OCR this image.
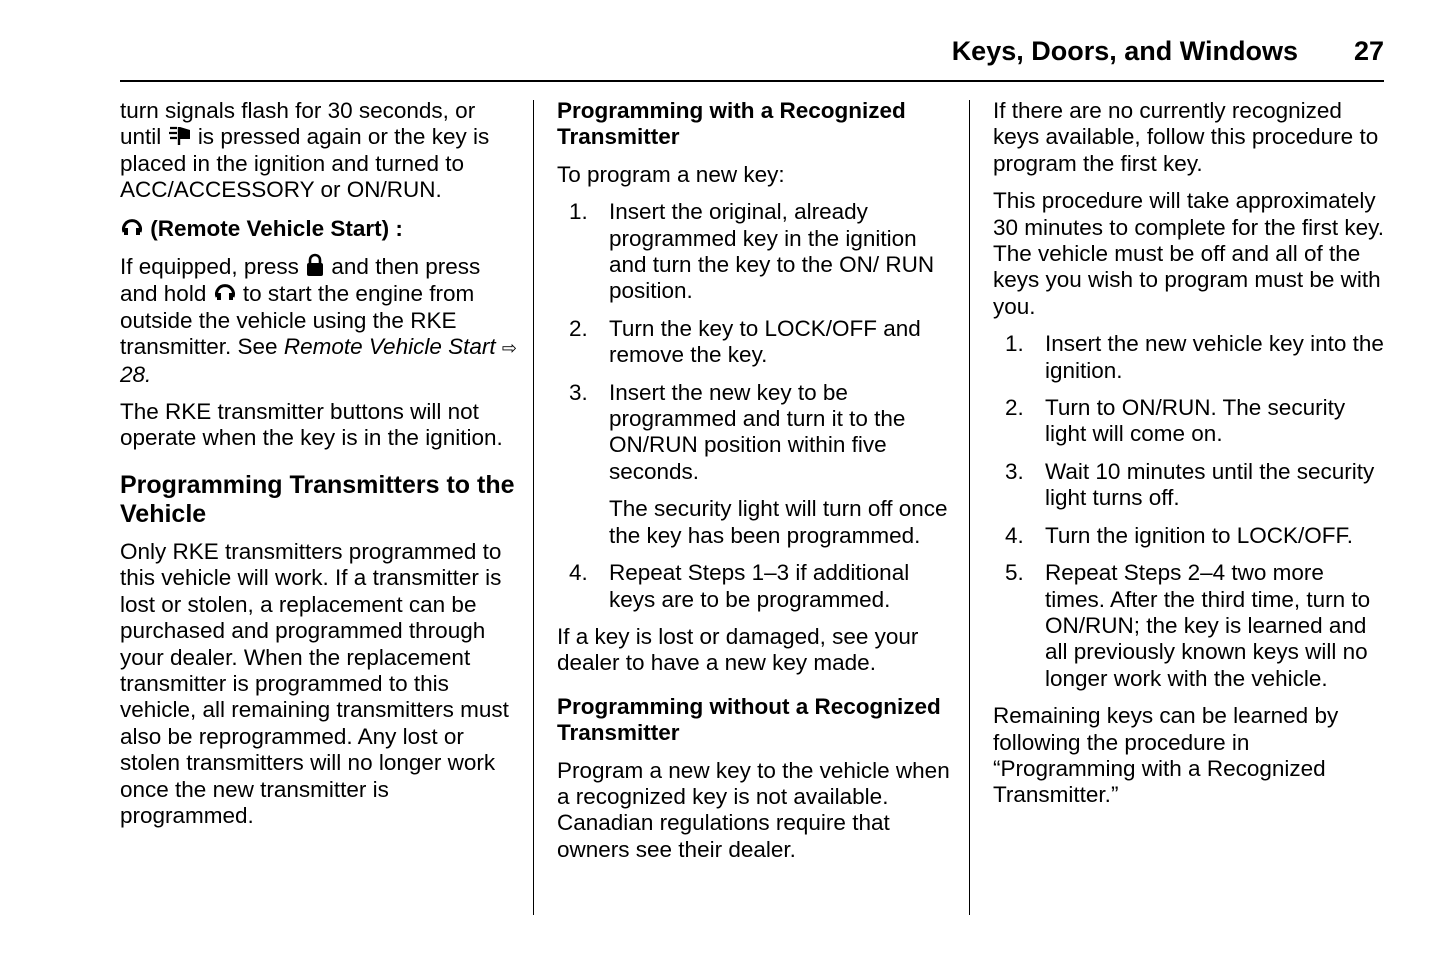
Keys, Doors, and Windows 27

turn signals flash for 30 seconds, or until is pressed again or the key is placed in the ignition and turned to ACC/ACCESSORY or ON/RUN.

(Remote Vehicle Start) :

If equipped, press and then press and hold to start the engine from outside the vehicle using the RKE transmitter. See Remote Vehicle Start ⇨ 28.

The RKE transmitter buttons will not operate when the key is in the ignition.

Programming Transmitters to the Vehicle

Only RKE transmitters programmed to this vehicle will work. If a transmitter is lost or stolen, a replacement can be purchased and programmed through your dealer. When the replacement transmitter is programmed to this vehicle, all remaining transmitters must also be reprogrammed. Any lost or stolen transmitters will no longer work once the new transmitter is programmed.

Programming with a Recognized Transmitter

To program a new key:

1. Insert the original, already programmed key in the ignition and turn the key to the ON/ RUN position.
2. Turn the key to LOCK/OFF and remove the key.
3. Insert the new key to be programmed and turn it to the ON/RUN position within five seconds.
The security light will turn off once the key has been programmed.
4. Repeat Steps 1–3 if additional keys are to be programmed.

If a key is lost or damaged, see your dealer to have a new key made.

Programming without a Recognized Transmitter

Program a new key to the vehicle when a recognized key is not available. Canadian regulations require that owners see their dealer.

If there are no currently recognized keys available, follow this procedure to program the first key.

This procedure will take approximately 30 minutes to complete for the first key. The vehicle must be off and all of the keys you wish to program must be with you.

1. Insert the new vehicle key into the ignition.
2. Turn to ON/RUN. The security light will come on.
3. Wait 10 minutes until the security light turns off.
4. Turn the ignition to LOCK/OFF.
5. Repeat Steps 2–4 two more times. After the third time, turn to ON/RUN; the key is learned and all previously known keys will no longer work with the vehicle.

Remaining keys can be learned by following the procedure in “Programming with a Recognized Transmitter.”
